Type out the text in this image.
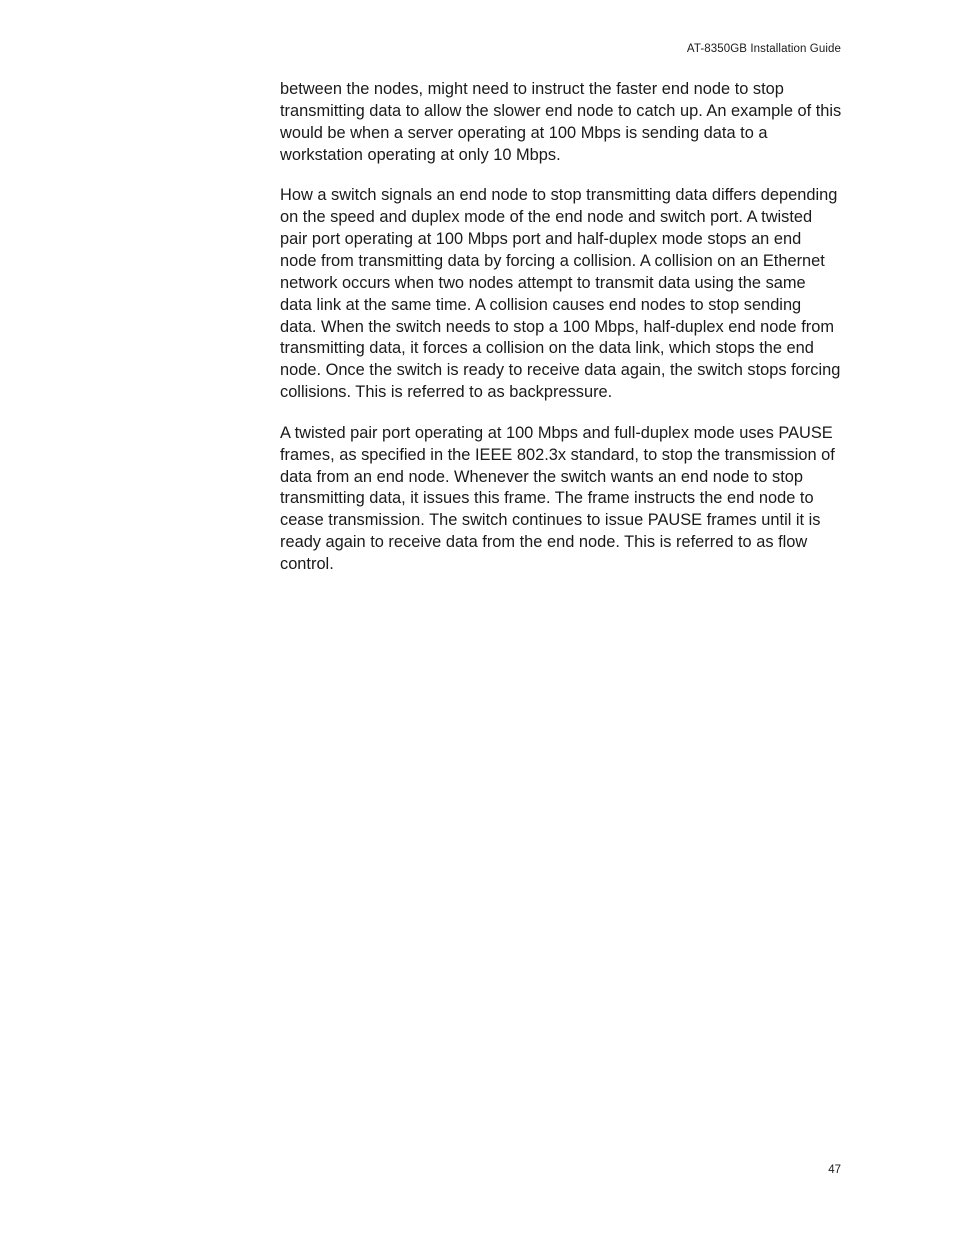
AT-8350GB Installation Guide

between the nodes, might need to instruct the faster end node to stop transmitting data to allow the slower end node to catch up. An example of this would be when a server operating at 100 Mbps is sending data to a workstation operating at only 10 Mbps.

How a switch signals an end node to stop transmitting data differs depending on the speed and duplex mode of the end node and switch port. A twisted pair port operating at 100 Mbps port and half-duplex mode stops an end node from transmitting data by forcing a collision. A collision on an Ethernet network occurs when two nodes attempt to transmit data using the same data link at the same time. A collision causes end nodes to stop sending data. When the switch needs to stop a 100 Mbps, half-duplex end node from transmitting data, it forces a collision on the data link, which stops the end node. Once the switch is ready to receive data again, the switch stops forcing collisions. This is referred to as backpressure.

A twisted pair port operating at 100 Mbps and full-duplex mode uses PAUSE frames, as specified in the IEEE 802.3x standard, to stop the transmission of data from an end node. Whenever the switch wants an end node to stop transmitting data, it issues this frame. The frame instructs the end node to cease transmission. The switch continues to issue PAUSE frames until it is ready again to receive data from the end node. This is referred to as flow control.

47
